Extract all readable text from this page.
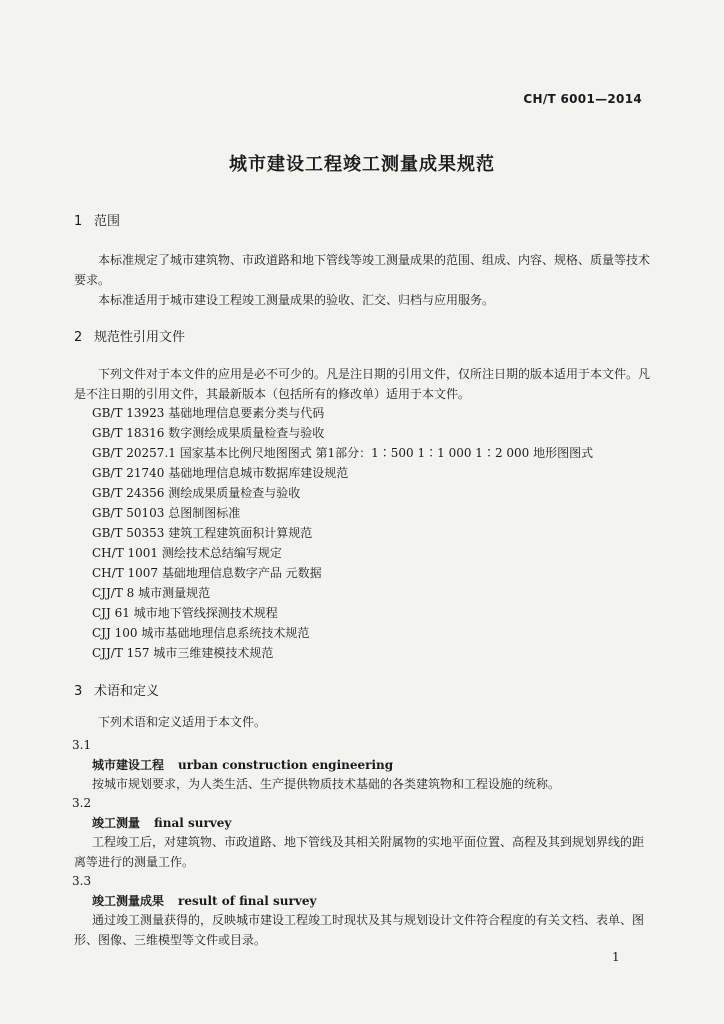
CH/T 6001—2014
城市建设工程竣工测量成果规范
1 范围
本标准规定了城市建筑物、市政道路和地下管线等竣工测量成果的范围、组成、内容、规格、质量等技术要求。
本标准适用于城市建设工程竣工测量成果的验收、汇交、归档与应用服务。
2 规范性引用文件
下列文件对于本文件的应用是必不可少的。凡是注日期的引用文件，仅所注日期的版本适用于本文件。凡是不注日期的引用文件，其最新版本（包括所有的修改单）适用于本文件。
GB/T 13923 基础地理信息要素分类与代码
GB/T 18316 数字测绘成果质量检查与验收
GB/T 20257.1 国家基本比例尺地图图式 第1部分：1∶500 1∶1 000 1∶2 000 地形图图式
GB/T 21740 基础地理信息城市数据库建设规范
GB/T 24356 测绘成果质量检查与验收
GB/T 50103 总图制图标准
GB/T 50353 建筑工程建筑面积计算规范
CH/T 1001 测绘技术总结编写规定
CH/T 1007 基础地理信息数字产品 元数据
CJJ/T 8 城市测量规范
CJJ 61 城市地下管线探测技术规程
CJJ 100 城市基础地理信息系统技术规范
CJJ/T 157 城市三维建模技术规范
3 术语和定义
下列术语和定义适用于本文件。
3.1
城市建设工程 urban construction engineering
按城市规划要求，为人类生活、生产提供物质技术基础的各类建筑物和工程设施的统称。
3.2
竣工测量 final survey
工程竣工后，对建筑物、市政道路、地下管线及其相关附属物的实地平面位置、高程及其到规划界线的距离等进行的测量工作。
3.3
竣工测量成果 result of final survey
通过竣工测量获得的，反映城市建设工程竣工时现状及其与规划设计文件符合程度的有关文档、表单、图形、图像、三维模型等文件或目录。
1
